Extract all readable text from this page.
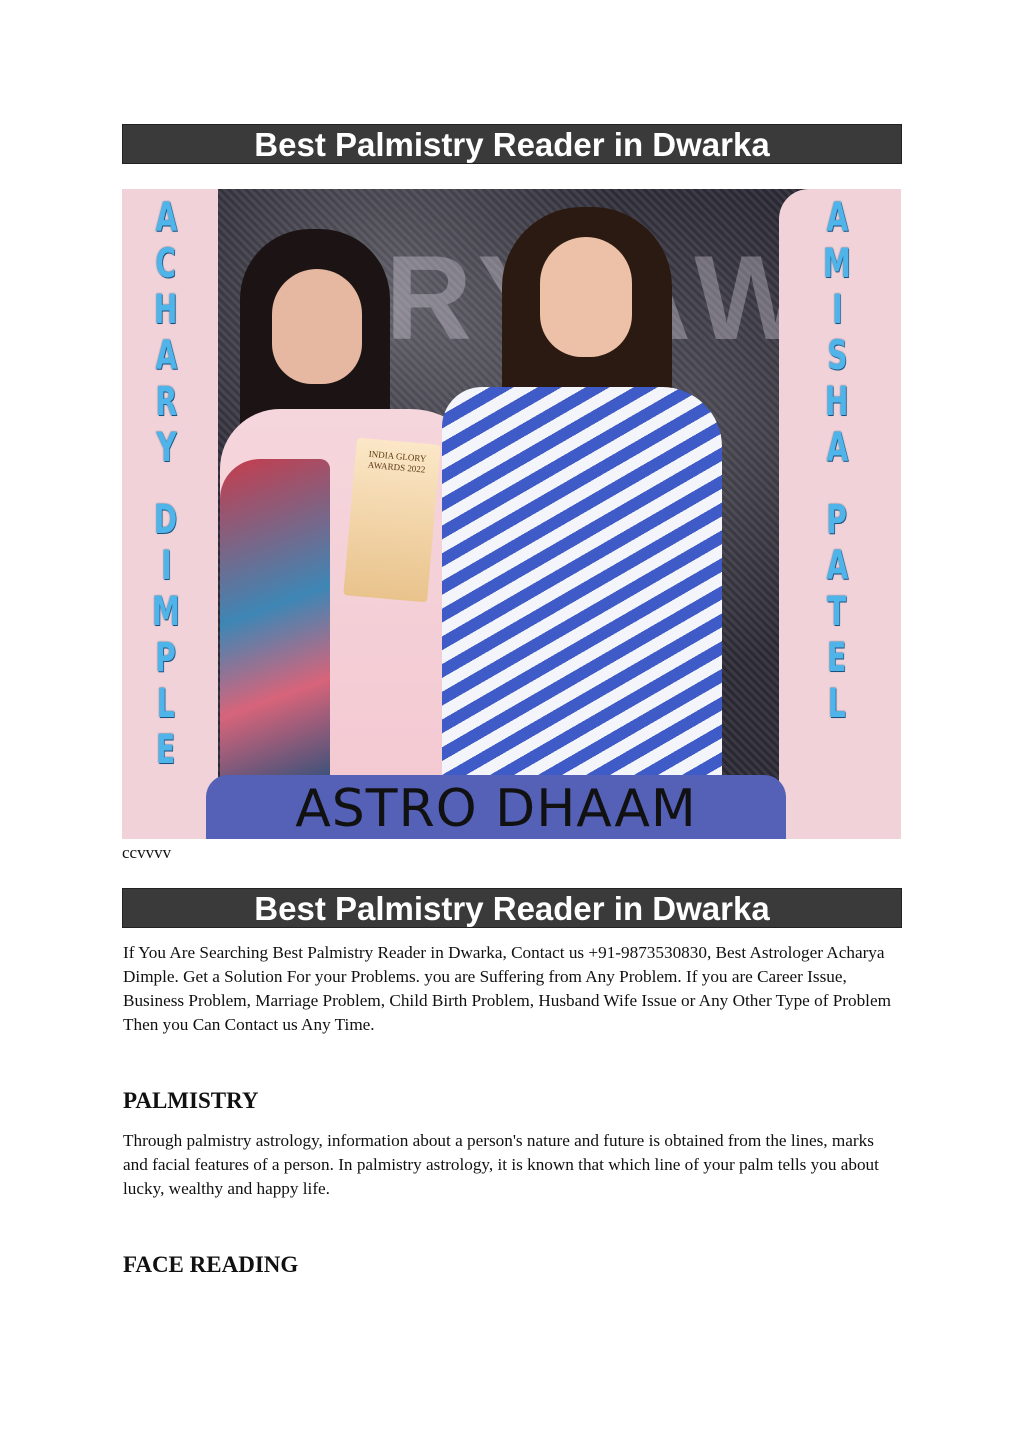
Best Palmistry Reader in Dwarka
ORY AW
INDIA GLORY AWARDS 2022
A
C
H
A
R
Y
D
I
M
P
L
E
A
M
I
S
H
A
P
A
T
E
L
ASTRO DHAAM
ccvvvv
Best Palmistry Reader in Dwarka
If You Are Searching Best Palmistry Reader in Dwarka, Contact us +91-9873530830, Best Astrologer Acharya Dimple. Get a Solution For your Problems. you are Suffering from Any Problem. If you are Career Issue, Business Problem, Marriage Problem, Child Birth Problem, Husband Wife Issue or Any Other Type of Problem Then you Can Contact us Any Time.
PALMISTRY
Through palmistry astrology, information about a person's nature and future is obtained from the lines, marks and facial features of a person. In palmistry astrology, it is known that which line of your palm tells you about lucky, wealthy and happy life.
FACE READING
